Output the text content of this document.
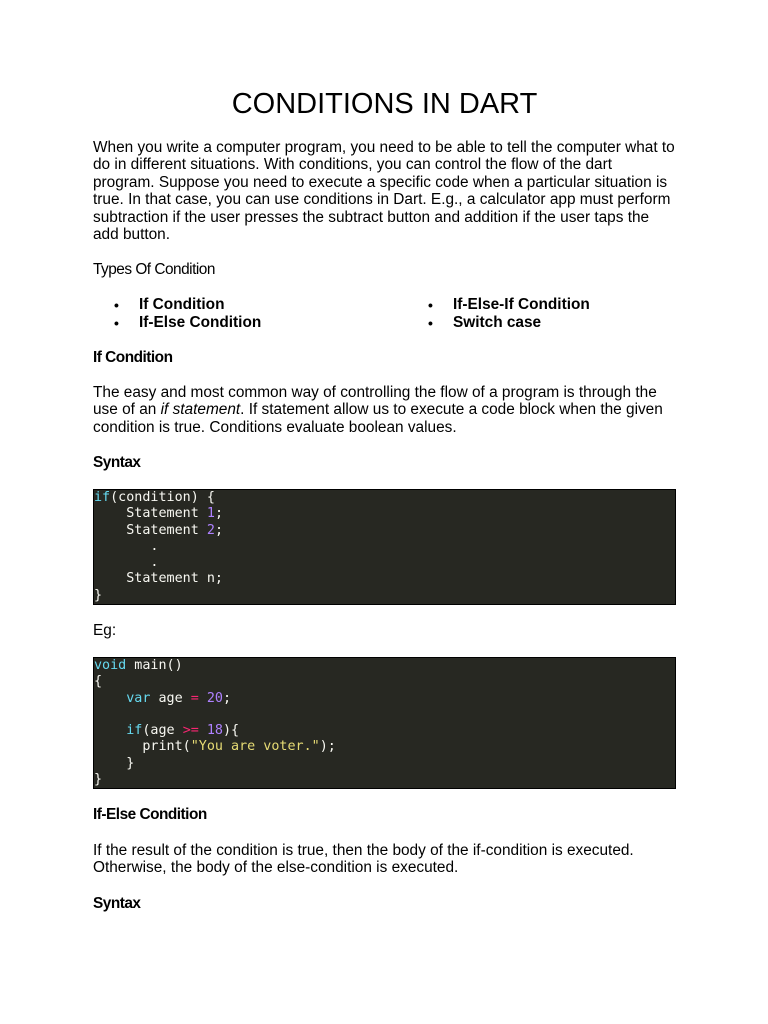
CONDITIONS IN DART

When you write a computer program, you need to be able to tell the computer what to do in different situations. With conditions, you can control the flow of the dart program. Suppose you need to execute a specific code when a particular situation is true. In that case, you can use conditions in Dart. E.g., a calculator app must perform subtraction if the user presses the subtract button and addition if the user taps the add button.

Types Of Condition
• If Condition
• If-Else Condition
• If-Else-If Condition
• Switch case
If Condition

The easy and most common way of controlling the flow of a program is through the use of an if statement. If statement allow us to execute a code block when the given condition is true. Conditions evaluate boolean values.

Syntax
if(condition) {
Statement 1;
Statement 2;
.
.
Statement n;
}
Eg:
void main()
{
var age = 20;
if(age >= 18){
print("You are voter.");
}
}
If-Else Condition

If the result of the condition is true, then the body of the if-condition is executed. Otherwise, the body of the else-condition is executed.

Syntax
